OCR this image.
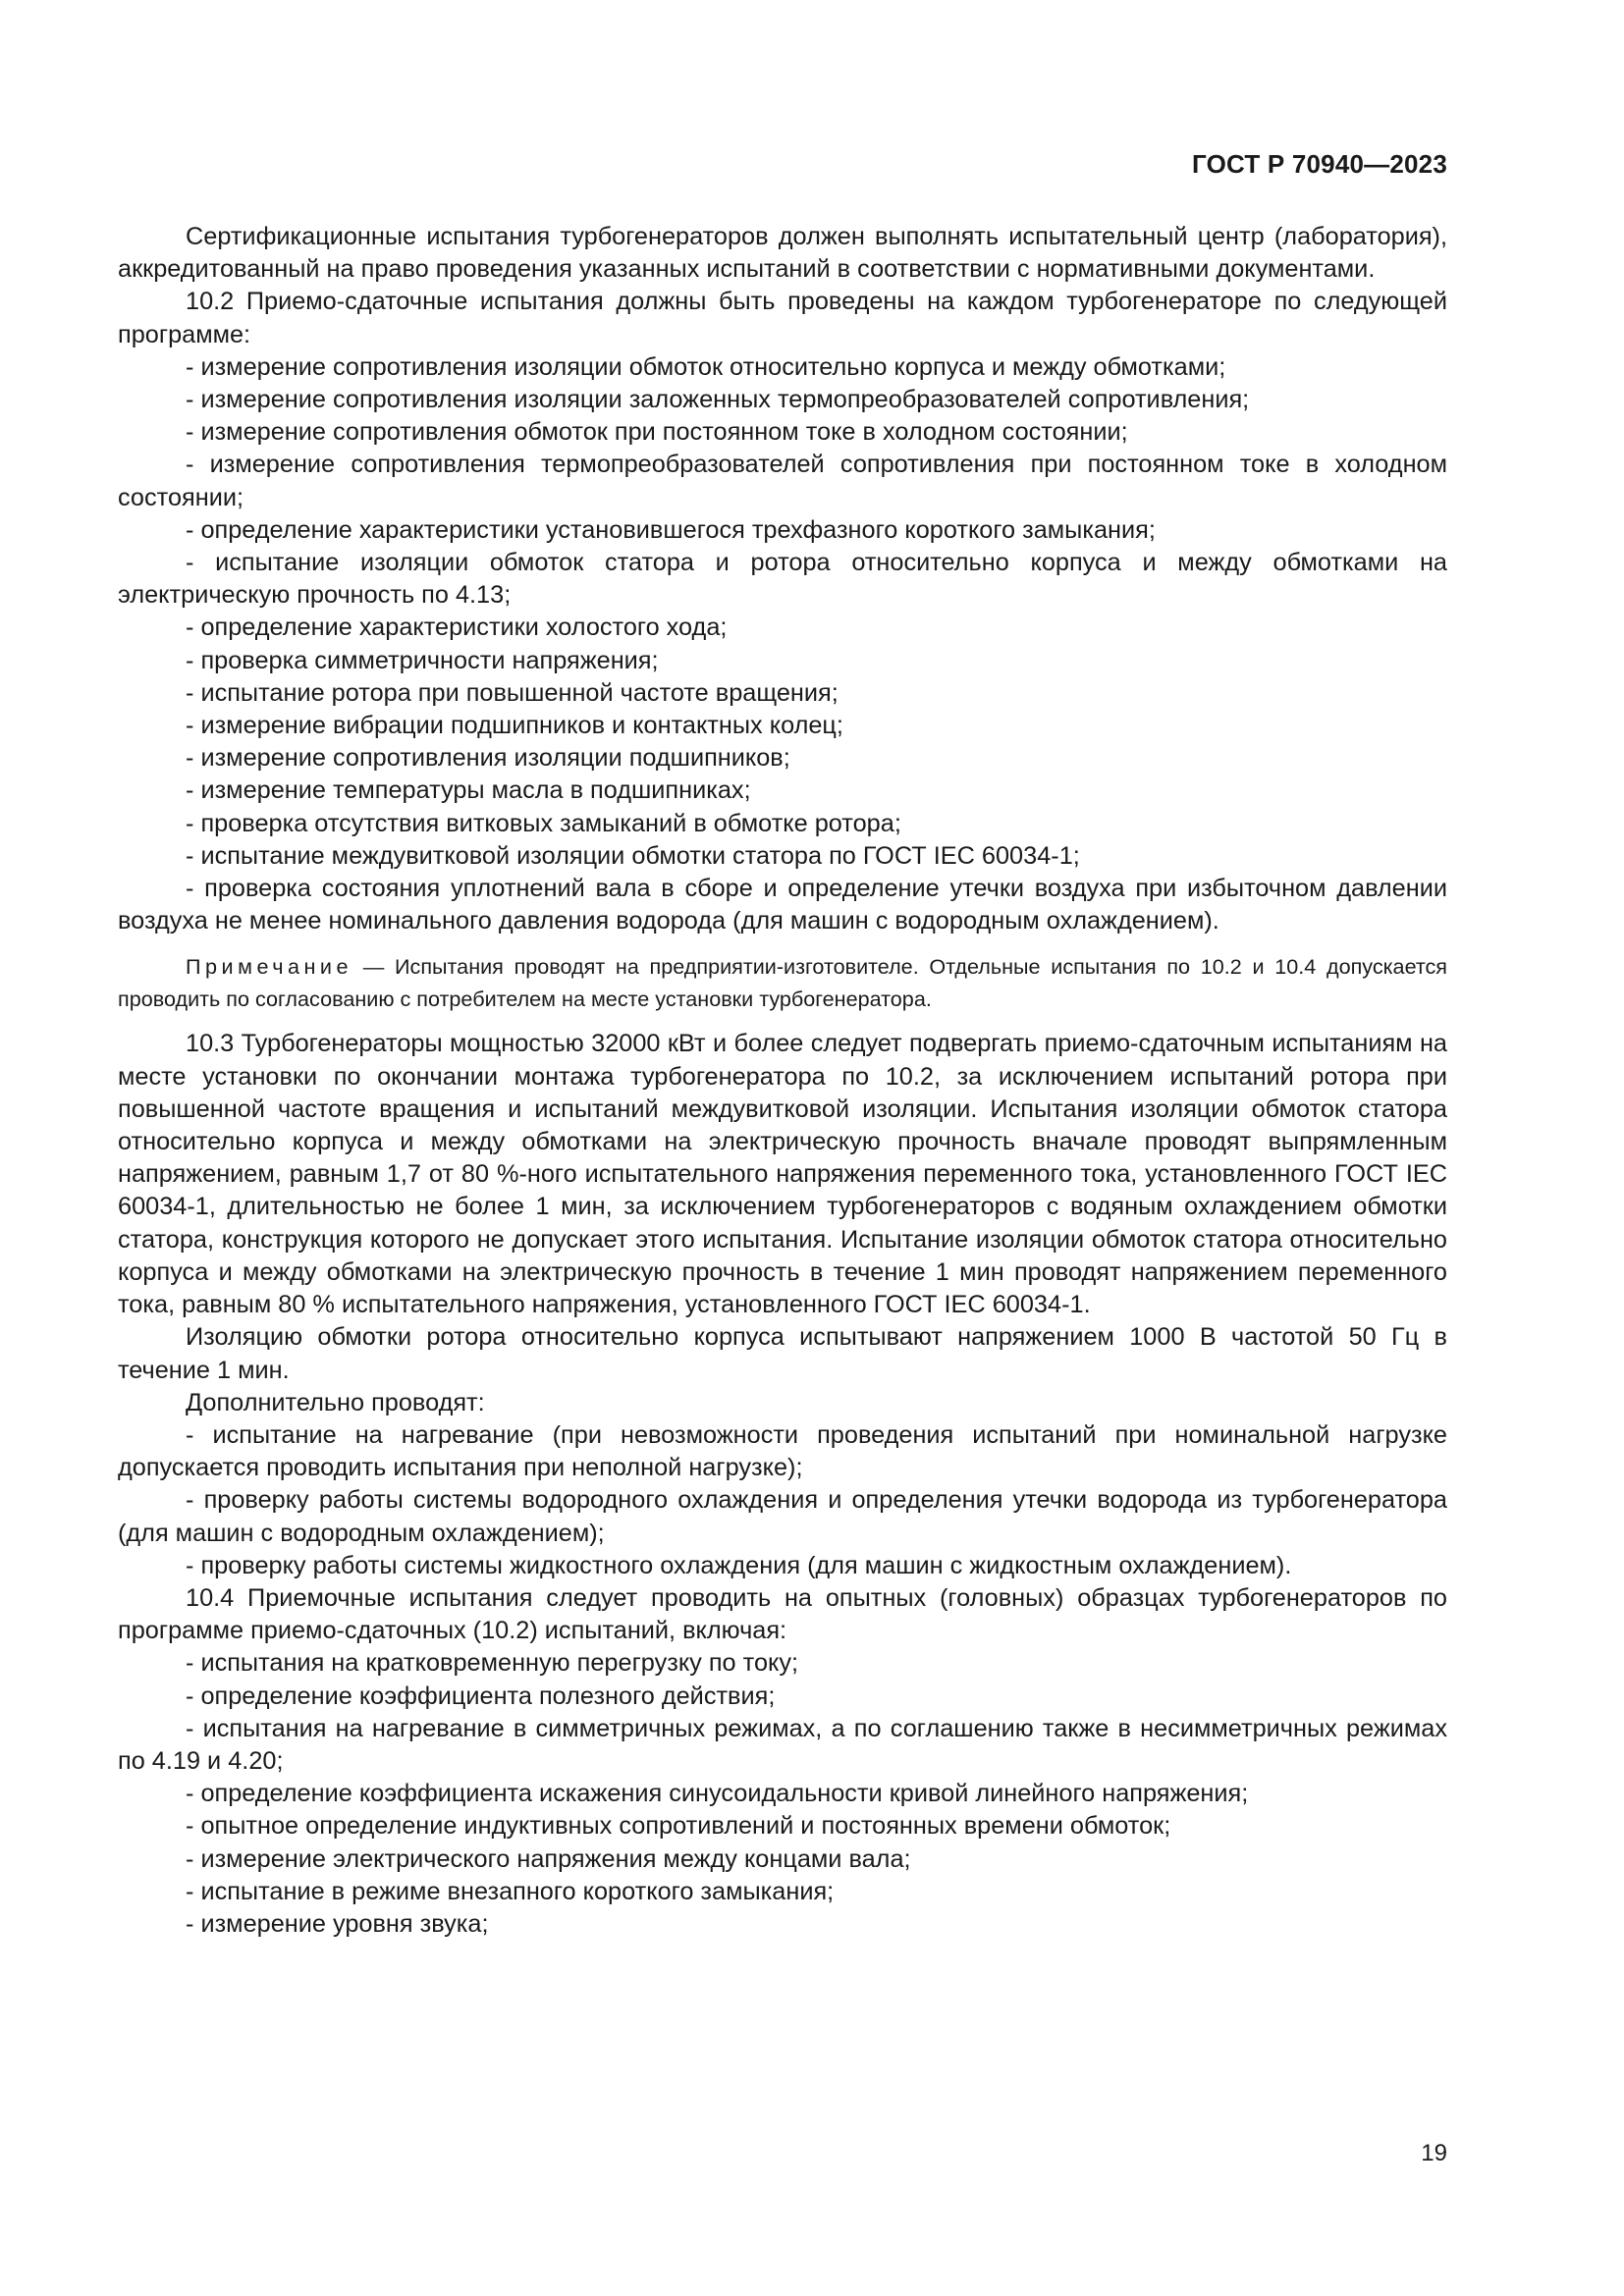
ГОСТ Р 70940—2023

Сертификационные испытания турбогенераторов должен выполнять испытательный центр (лаборатория), аккредитованный на право проведения указанных испытаний в соответствии с нормативными документами.

10.2 Приемо-сдаточные испытания должны быть проведены на каждом турбогенераторе по следующей программе:

- измерение сопротивления изоляции обмоток относительно корпуса и между обмотками;

- измерение сопротивления изоляции заложенных термопреобразователей сопротивления;

- измерение сопротивления обмоток при постоянном токе в холодном состоянии;

- измерение сопротивления термопреобразователей сопротивления при постоянном токе в холодном состоянии;

- определение характеристики установившегося трехфазного короткого замыкания;

- испытание изоляции обмоток статора и ротора относительно корпуса и между обмотками на электрическую прочность по 4.13;

- определение характеристики холостого хода;

- проверка симметричности напряжения;

- испытание ротора при повышенной частоте вращения;

- измерение вибрации подшипников и контактных колец;

- измерение сопротивления изоляции подшипников;

- измерение температуры масла в подшипниках;

- проверка отсутствия витковых замыканий в обмотке ротора;

- испытание междувитковой изоляции обмотки статора по ГОСТ IEC 60034-1;

- проверка состояния уплотнений вала в сборе и определение утечки воздуха при избыточном давлении воздуха не менее номинального давления водорода (для машин с водородным охлаждением).

Примечание — Испытания проводят на предприятии-изготовителе. Отдельные испытания по 10.2 и 10.4 допускается проводить по согласованию с потребителем на месте установки турбогенератора.

10.3 Турбогенераторы мощностью 32000 кВт и более следует подвергать приемо-сдаточным испытаниям на месте установки по окончании монтажа турбогенератора по 10.2, за исключением испытаний ротора при повышенной частоте вращения и испытаний междувитковой изоляции. Испытания изоляции обмоток статора относительно корпуса и между обмотками на электрическую прочность вначале проводят выпрямленным напряжением, равным 1,7 от 80 %-ного испытательного напряжения переменного тока, установленного ГОСТ IEC 60034-1, длительностью не более 1 мин, за исключением турбогенераторов с водяным охлаждением обмотки статора, конструкция которого не допускает этого испытания. Испытание изоляции обмоток статора относительно корпуса и между обмотками на электрическую прочность в течение 1 мин проводят напряжением переменного тока, равным 80 % испытательного напряжения, установленного ГОСТ IEC 60034-1.

Изоляцию обмотки ротора относительно корпуса испытывают напряжением 1000 В частотой 50 Гц в течение 1 мин.

Дополнительно проводят:

- испытание на нагревание (при невозможности проведения испытаний при номинальной нагрузке допускается проводить испытания при неполной нагрузке);

- проверку работы системы водородного охлаждения и определения утечки водорода из турбогенератора (для машин с водородным охлаждением);

- проверку работы системы жидкостного охлаждения (для машин с жидкостным охлаждением).

10.4 Приемочные испытания следует проводить на опытных (головных) образцах турбогенераторов по программе приемо-сдаточных (10.2) испытаний, включая:

- испытания на кратковременную перегрузку по току;

- определение коэффициента полезного действия;

- испытания на нагревание в симметричных режимах, а по соглашению также в несимметричных режимах по 4.19 и 4.20;

- определение коэффициента искажения синусоидальности кривой линейного напряжения;

- опытное определение индуктивных сопротивлений и постоянных времени обмоток;

- измерение электрического напряжения между концами вала;

- испытание в режиме внезапного короткого замыкания;

- измерение уровня звука;

19
